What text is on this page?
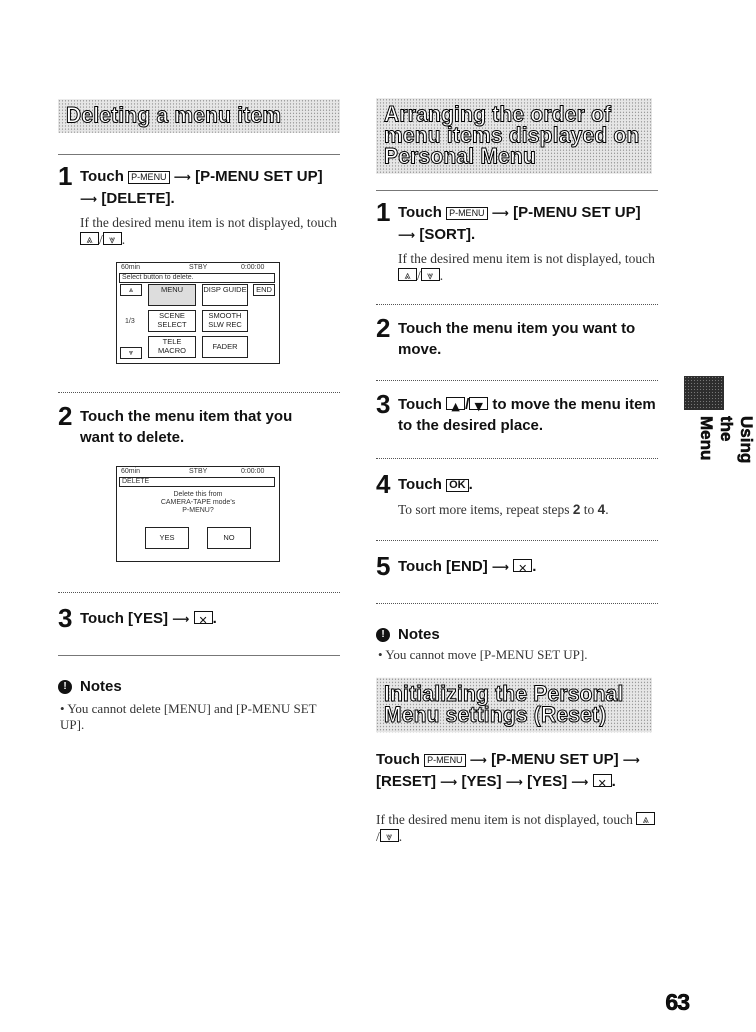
Deleting a menu item
1 Touch P-MENU ⟶ [P-MENU SET UP]
⟶ [DELETE].
If the desired menu item is not displayed, touch
⩓ / ⩔ .
60min	STBY	0:00:00
Select button to delete.
⩓	MENU	DISP GUIDE	END
1/3
SCENE SELECT
SMOOTH SLW REC
TELE MACRO	FADER
⩔
2 Touch the menu item that you want to delete.
60min	STBY	0:00:00
DELETE
Delete this from
CAMERA-TAPE mode's
P-MENU?
YES	NO
3 Touch [YES] ⟶ ✕ .
! Notes
• You cannot delete [MENU] and [P-MENU SET UP].
Arranging the order of menu items displayed on Personal Menu
1 Touch P-MENU ⟶ [P-MENU SET UP]
⟶ [SORT].
If the desired menu item is not displayed, touch
⩓ / ⩔ .
2 Touch the menu item you want to move.
3 Touch ▲ / ▼ to move the menu item to the desired place.
4 Touch OK .
To sort more items, repeat steps 2 to 4.
5 Touch [END] ⟶ ✕ .
! Notes
• You cannot move [P-MENU SET UP].
Initializing the Personal Menu settings (Reset)
Touch P-MENU ⟶ [P-MENU SET UP] ⟶
[RESET] ⟶ [YES] ⟶ [YES] ⟶ ✕ .
If the desired menu item is not displayed, touch ⩓
/ ⩔ .
Using the Menu
63
